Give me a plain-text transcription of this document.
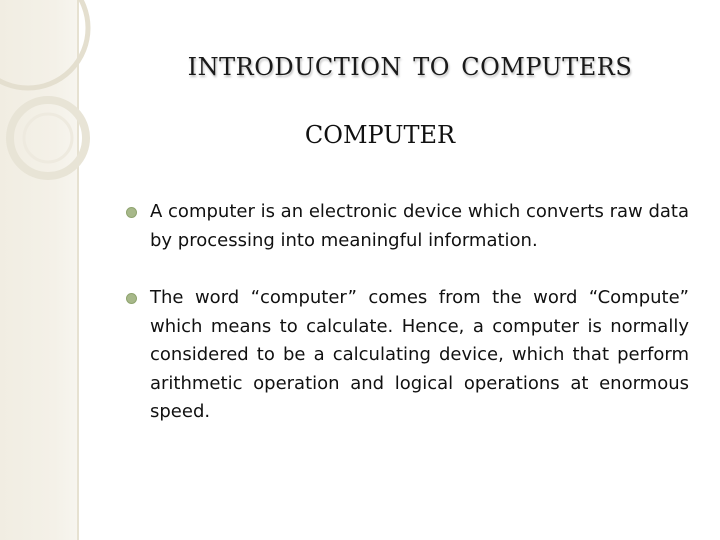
introduction to computers
computer
A computer is an electronic device which converts raw data by processing into meaningful information.
The word “computer” comes from the word “Compute” which means to calculate. Hence, a computer is normally considered to be a calculating device, which that perform arithmetic operation and logical operations at enormous speed.
